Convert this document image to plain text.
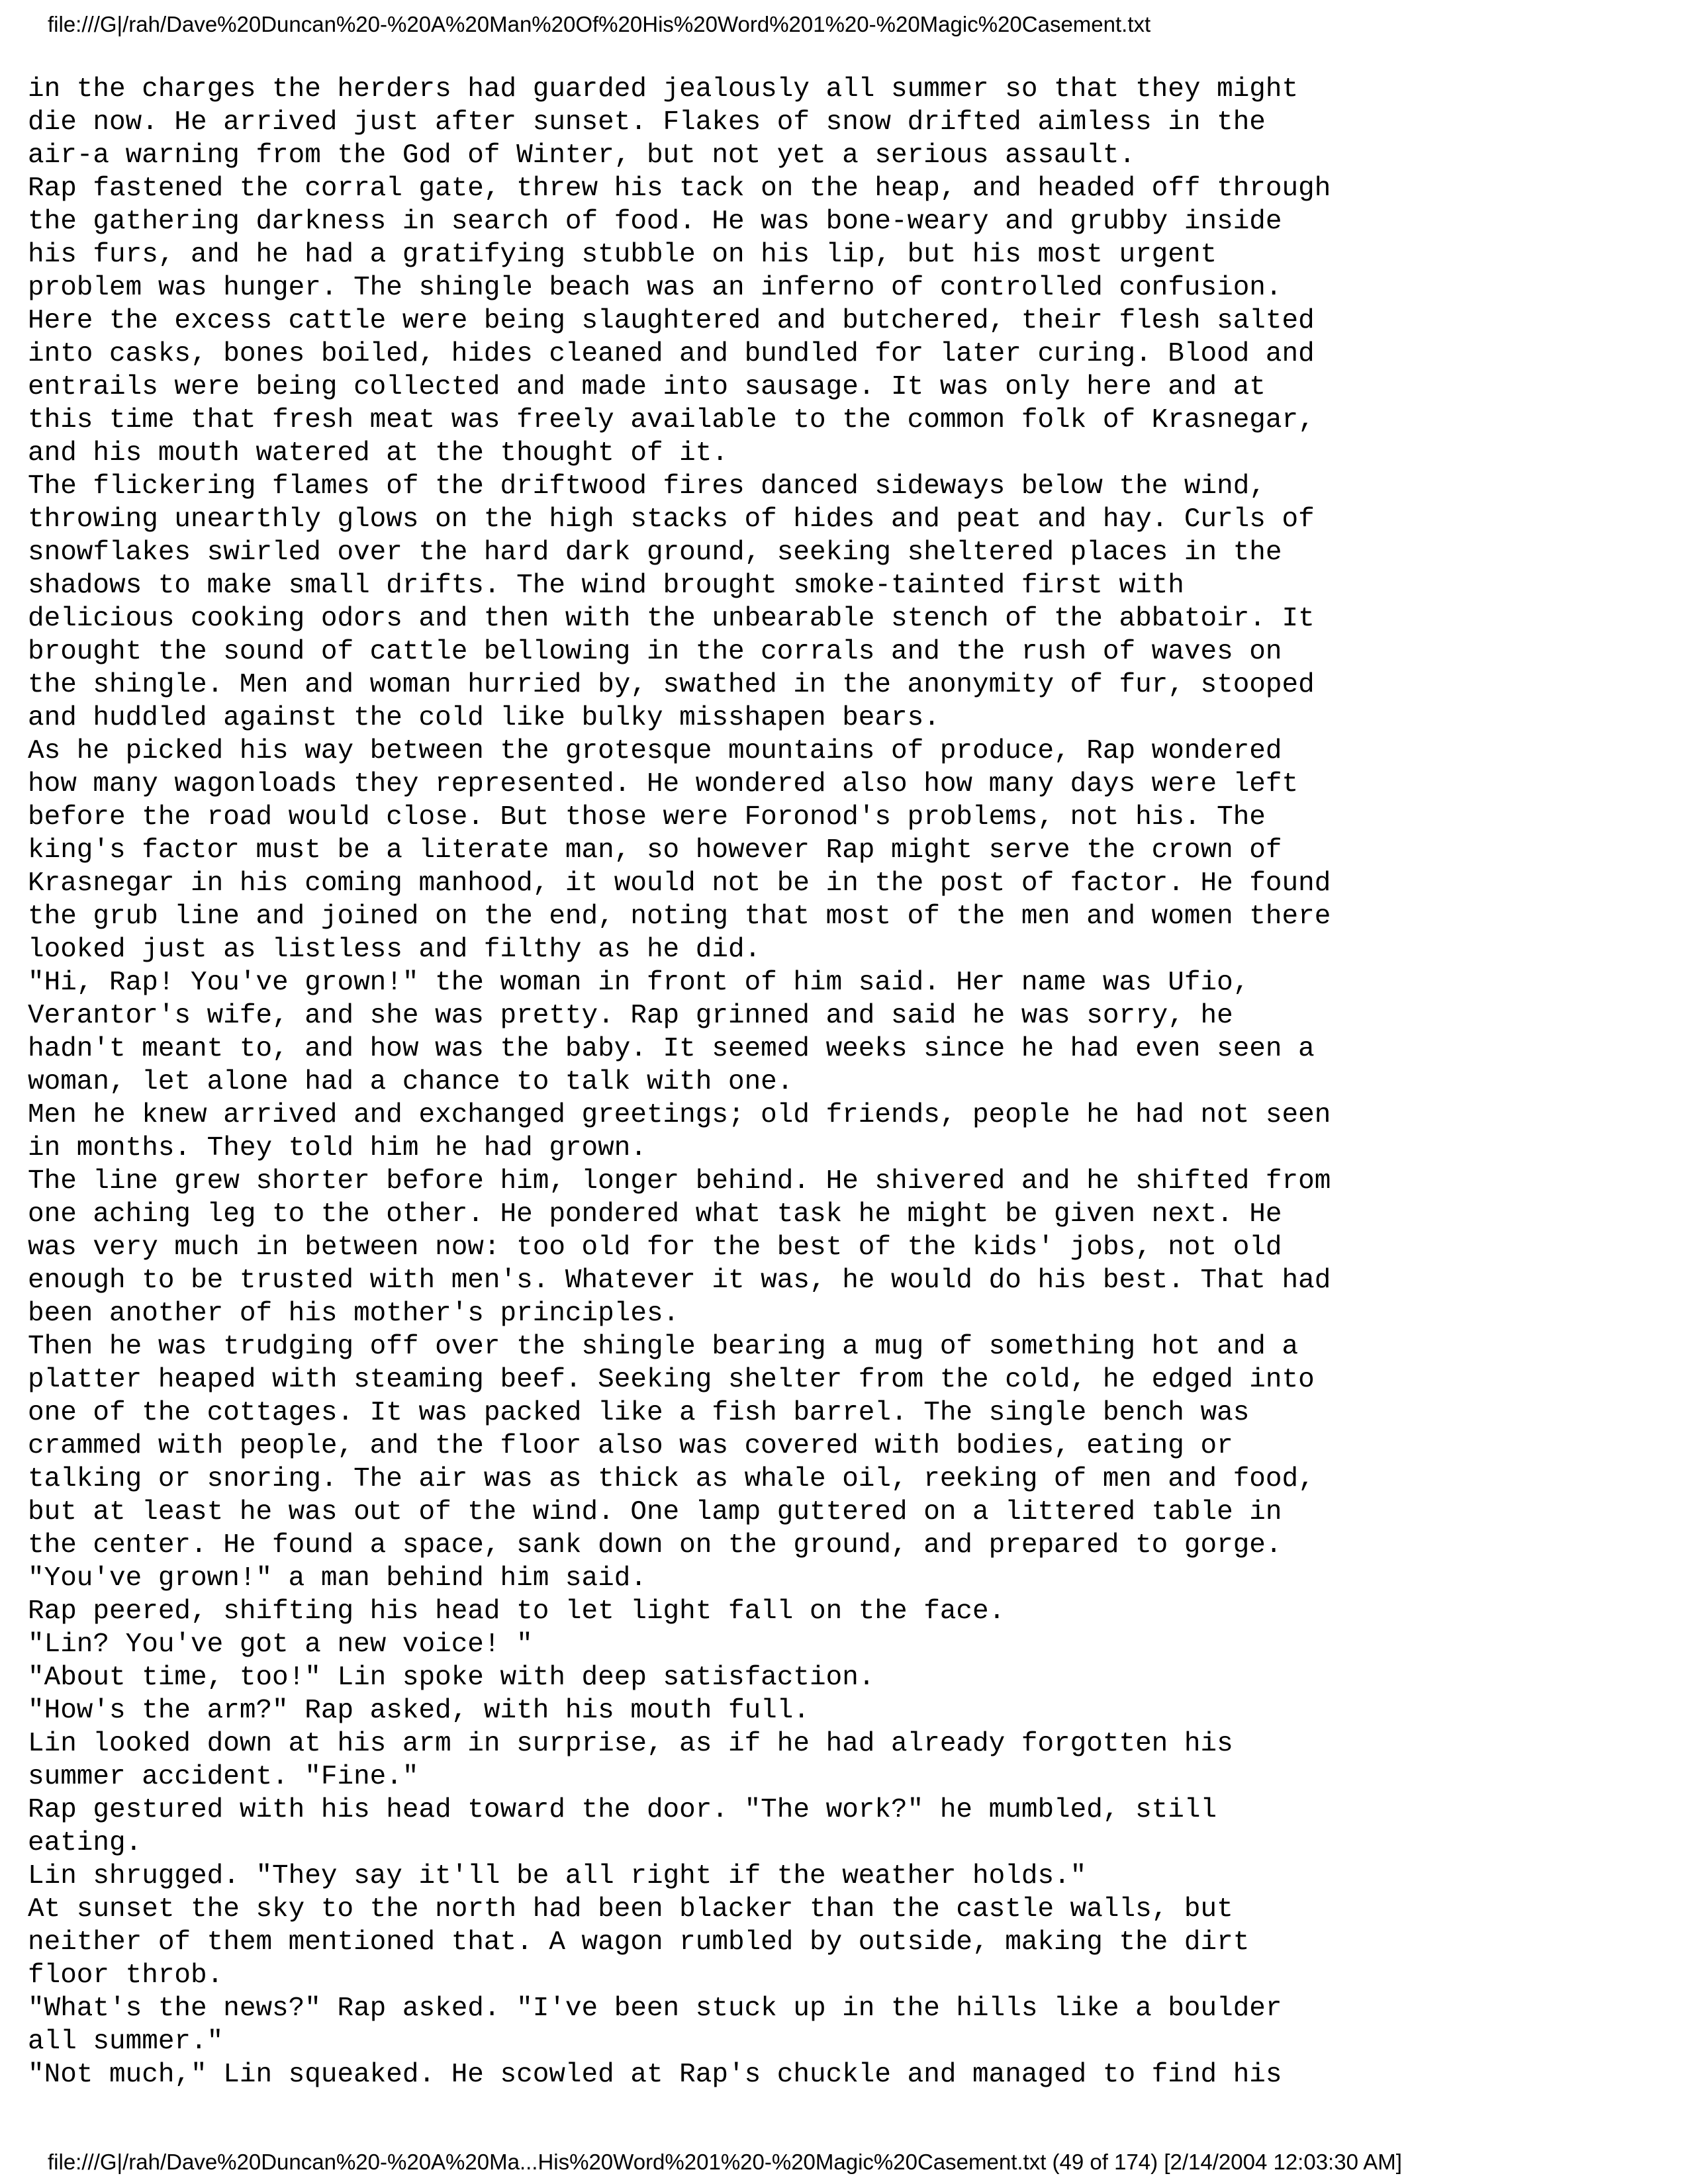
file:///G|/rah/Dave%20Duncan%20-%20A%20Man%20Of%20His%20Word%201%20-%20Magic%20Casement.txt
in the charges the herders had guarded jealously all summer so that they might
die now. He arrived just after sunset. Flakes of snow drifted aimless in the
air-a warning from the God of Winter, but not yet a serious assault.
Rap fastened the corral gate, threw his tack on the heap, and headed off through
the gathering darkness in search of food. He was bone-weary and grubby inside
his furs, and he had a gratifying stubble on his lip, but his most urgent
problem was hunger. The shingle beach was an inferno of controlled confusion.
Here the excess cattle were being slaughtered and butchered, their flesh salted
into casks, bones boiled, hides cleaned and bundled for later curing. Blood and
entrails were being collected and made into sausage. It was only here and at
this time that fresh meat was freely available to the common folk of Krasnegar,
and his mouth watered at the thought of it.
The flickering flames of the driftwood fires danced sideways below the wind,
throwing unearthly glows on the high stacks of hides and peat and hay. Curls of
snowflakes swirled over the hard dark ground, seeking sheltered places in the
shadows to make small drifts. The wind brought smoke-tainted first with
delicious cooking odors and then with the unbearable stench of the abbatoir. It
brought the sound of cattle bellowing in the corrals and the rush of waves on
the shingle. Men and woman hurried by, swathed in the anonymity of fur, stooped
and huddled against the cold like bulky misshapen bears.
As he picked his way between the grotesque mountains of produce, Rap wondered
how many wagonloads they represented. He wondered also how many days were left
before the road would close. But those were Foronod's problems, not his. The
king's factor must be a literate man, so however Rap might serve the crown of
Krasnegar in his coming manhood, it would not be in the post of factor. He found
the grub line and joined on the end, noting that most of the men and women there
looked just as listless and filthy as he did.
"Hi, Rap! You've grown!" the woman in front of him said. Her name was Ufio,
Verantor's wife, and she was pretty. Rap grinned and said he was sorry, he
hadn't meant to, and how was the baby. It seemed weeks since he had even seen a
woman, let alone had a chance to talk with one.
Men he knew arrived and exchanged greetings; old friends, people he had not seen
in months. They told him he had grown.
The line grew shorter before him, longer behind. He shivered and he shifted from
one aching leg to the other. He pondered what task he might be given next. He
was very much in between now: too old for the best of the kids' jobs, not old
enough to be trusted with men's. Whatever it was, he would do his best. That had
been another of his mother's principles.
Then he was trudging off over the shingle bearing a mug of something hot and a
platter heaped with steaming beef. Seeking shelter from the cold, he edged into
one of the cottages. It was packed like a fish barrel. The single bench was
crammed with people, and the floor also was covered with bodies, eating or
talking or snoring. The air was as thick as whale oil, reeking of men and food,
but at least he was out of the wind. One lamp guttered on a littered table in
the center. He found a space, sank down on the ground, and prepared to gorge.
"You've grown!" a man behind him said.
Rap peered, shifting his head to let light fall on the face.
"Lin? You've got a new voice! "
"About time, too!" Lin spoke with deep satisfaction.
"How's the arm?" Rap asked, with his mouth full.
Lin looked down at his arm in surprise, as if he had already forgotten his
summer accident. "Fine."
Rap gestured with his head toward the door. "The work?" he mumbled, still
eating.
Lin shrugged. "They say it'll be all right if the weather holds."
At sunset the sky to the north had been blacker than the castle walls, but
neither of them mentioned that. A wagon rumbled by outside, making the dirt
floor throb.
"What's the news?" Rap asked. "I've been stuck up in the hills like a boulder
all summer."
"Not much," Lin squeaked. He scowled at Rap's chuckle and managed to find his
file:///G|/rah/Dave%20Duncan%20-%20A%20Ma...His%20Word%201%20-%20Magic%20Casement.txt (49 of 174) [2/14/2004 12:03:30 AM]
